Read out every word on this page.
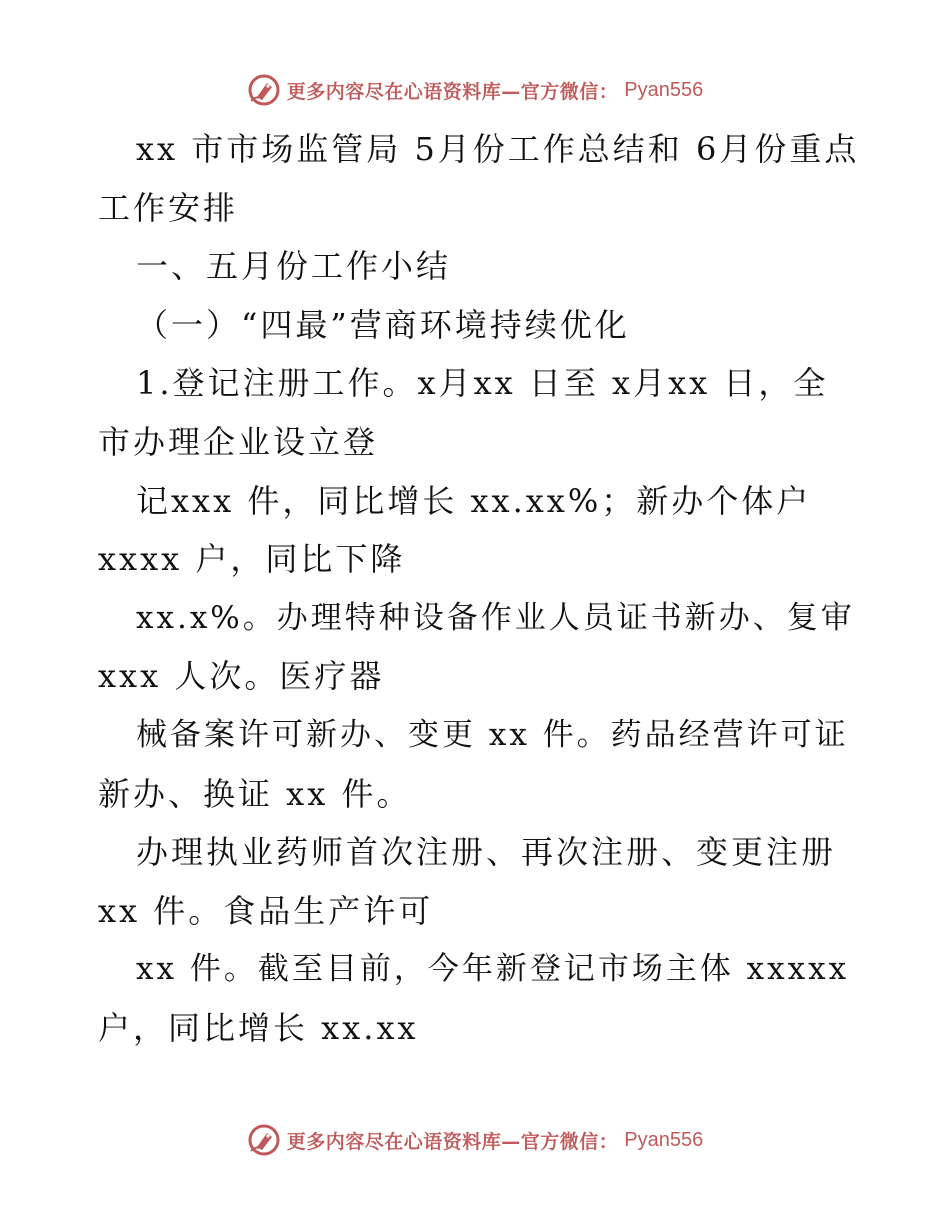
更多内容尽在心语资料库—官方微信： Pyan556
xx 市市场监管局 5月份工作总结和 6月份重点
工作安排
一、五月份工作小结
（一）“四最”营商环境持续优化
1.登记注册工作。x月xx 日至 x月xx 日，全
市办理企业设立登
记xxx 件，同比增长 xx.xx%；新办个体户
xxxx 户，同比下降
xx.x%。办理特种设备作业人员证书新办、复审
xxx 人次。医疗器
械备案许可新办、变更 xx 件。药品经营许可证
新办、换证 xx 件。
办理执业药师首次注册、再次注册、变更注册
xx 件。食品生产许可
xx 件。截至目前，今年新登记市场主体 xxxxx
户，同比增长 xx.xx
更多内容尽在心语资料库—官方微信： Pyan556
